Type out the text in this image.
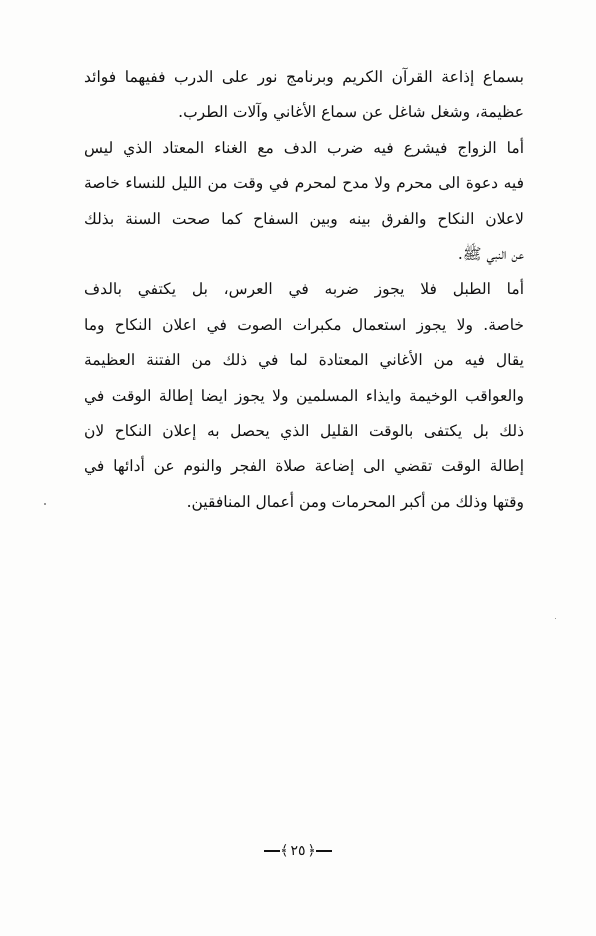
بسماع إذاعة القرآن الكريم وبرنامج نور على الدرب ففيهما فوائد
عظيمة، وشغل شاغل عن سماع الأغاني وآلات الطرب.
أما الزواج فيشرع فيه ضرب الدف مع الغناء المعتاد الذي ليس
فيه دعوة الى محرم ولا مدح لمحرم في وقت من الليل للنساء خاصة
لاعلان النكاح والفرق بينه وبين السفاح كما صحت السنة بذلك
عن النبي ﷺ.
أما الطبل فلا يجوز ضربه في العرس، بل يكتفي بالدف
خاصة. ولا يجوز استعمال مكبرات الصوت في اعلان النكاح وما
يقال فيه من الأغاني المعتادة لما في ذلك من الفتنة العظيمة
والعواقب الوخيمة وايذاء المسلمين ولا يجوز ايضا إطالة الوقت في
ذلك بل يكتفى بالوقت القليل الذي يحصل به إعلان النكاح لان
إطالة الوقت تقضي الى إضاعة صلاة الفجر والنوم عن أدائها في
وقتها وذلك من أكبر المحرمات ومن أعمال المنافقين.
﴾ ٢٥ ﴿
